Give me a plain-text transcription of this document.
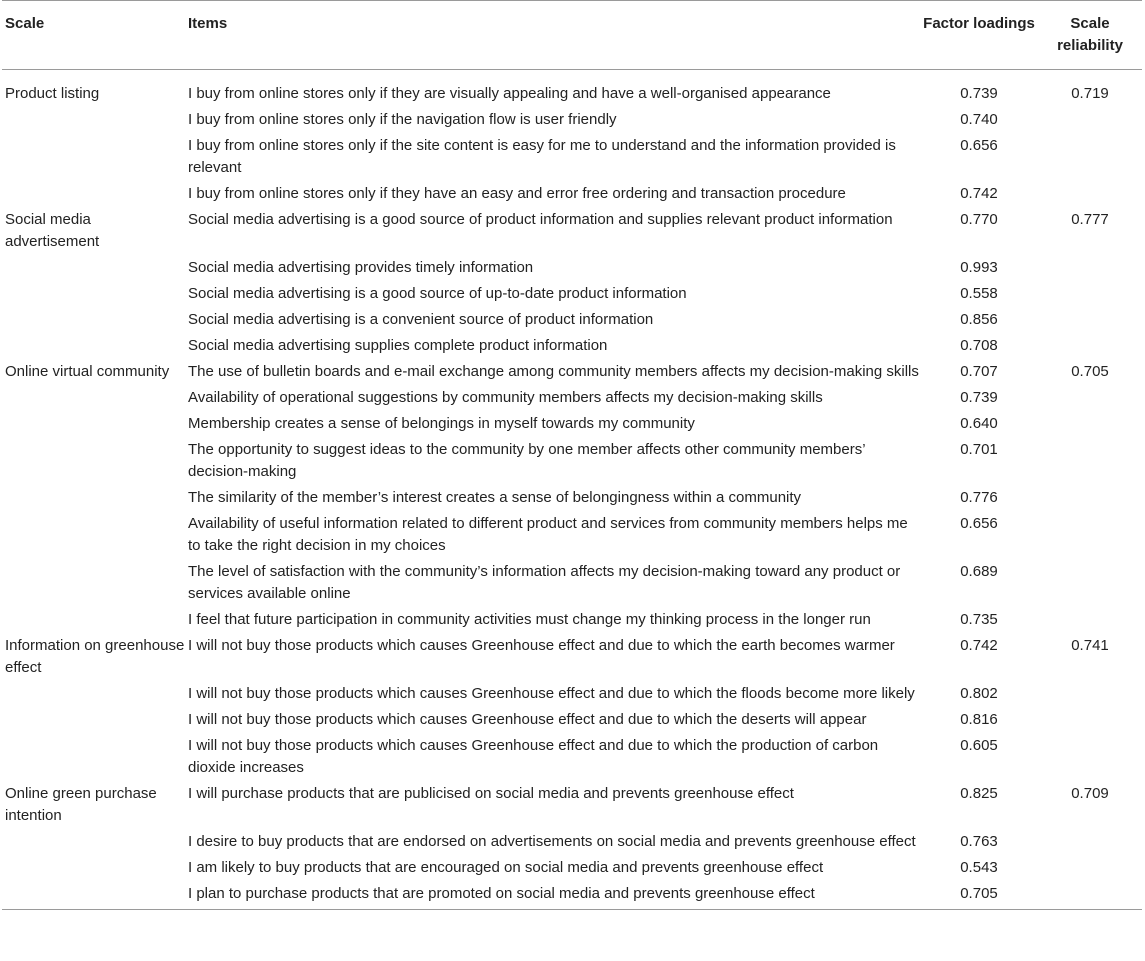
Scale	Items	Factor loadings	Scale reliability
Product listing	I buy from online stores only if they are visually appealing and have a well-organised appearance	0.739	0.719
	I buy from online stores only if the navigation flow is user friendly	0.740	
	I buy from online stores only if the site content is easy for me to understand and the information provided is relevant	0.656	
	I buy from online stores only if they have an easy and error free ordering and transaction procedure	0.742	
Social media advertisement	Social media advertising is a good source of product information and supplies relevant product information	0.770	0.777
	Social media advertising provides timely information	0.993	
	Social media advertising is a good source of up-to-date product information	0.558	
	Social media advertising is a convenient source of product information	0.856	
	Social media advertising supplies complete product information	0.708	
Online virtual community	The use of bulletin boards and e-mail exchange among community members affects my decision-making skills	0.707	0.705
	Availability of operational suggestions by community members affects my decision-making skills	0.739	
	Membership creates a sense of belongings in myself towards my community	0.640	
	The opportunity to suggest ideas to the community by one member affects other community members’ decision-making	0.701	
	The similarity of the member’s interest creates a sense of belongingness within a community	0.776	
	Availability of useful information related to different product and services from community members helps me to take the right decision in my choices	0.656	
	The level of satisfaction with the community’s information affects my decision-making toward any product or services available online	0.689	
	I feel that future participation in community activities must change my thinking process in the longer run	0.735	
Information on greenhouse effect	I will not buy those products which causes Greenhouse effect and due to which the earth becomes warmer	0.742	0.741
	I will not buy those products which causes Greenhouse effect and due to which the floods become more likely	0.802	
	I will not buy those products which causes Greenhouse effect and due to which the deserts will appear	0.816	
	I will not buy those products which causes Greenhouse effect and due to which the production of carbon dioxide increases	0.605	
Online green purchase intention	I will purchase products that are publicised on social media and prevents greenhouse effect	0.825	0.709
	I desire to buy products that are endorsed on advertisements on social media and prevents greenhouse effect	0.763	
	I am likely to buy products that are encouraged on social media and prevents greenhouse effect	0.543	
	I plan to purchase products that are promoted on social media and prevents greenhouse effect	0.705	
